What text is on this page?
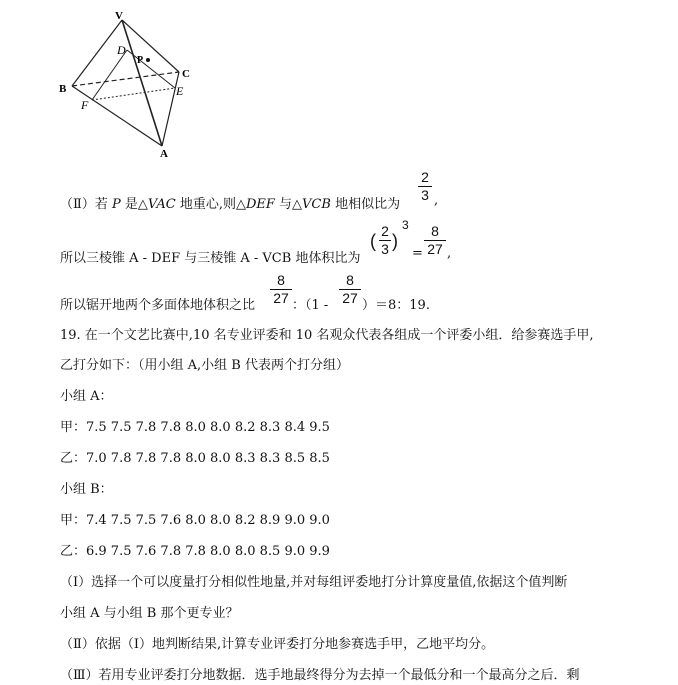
V
D
P
C
B	E
F
A
（Ⅱ）若 P 是△VAC 地重心,则△DEF 与△VCB 地相似比为
2
3 ,
所以三棱锥 A - DEF 与三棱锥 A - VCB 地体积比为
( 2
3 )
3
=
8
27 ,
所以锯开地两个多面体地体积之比
8
27 ：（1 -
8
27 ）＝8：19.
19. 在一个文艺比赛中,10 名专业评委和 10 名观众代表各组成一个评委小组．给参赛选手甲,
乙打分如下：（用小组 A,小组 B 代表两个打分组）
小组 A：
甲：7.5 7.5 7.8 7.8 8.0 8.0 8.2 8.3 8.4 9.5
乙：7.0 7.8 7.8 7.8 8.0 8.0 8.3 8.3 8.5 8.5
小组 B：
甲：7.4 7.5 7.5 7.6 8.0 8.0 8.2 8.9 9.0 9.0
乙：6.9 7.5 7.6 7.8 7.8 8.0 8.0 8.5 9.0 9.9
（Ⅰ）选择一个可以度量打分相似性地量,并对每组评委地打分计算度量值,依据这个值判断
小组 A 与小组 B 那个更专业？
（Ⅱ）依据（Ⅰ）地判断结果,计算专业评委打分地参赛选手甲，乙地平均分。
（Ⅲ）若用专业评委打分地数据．选手地最终得分为去掉一个最低分和一个最高分之后．剩
